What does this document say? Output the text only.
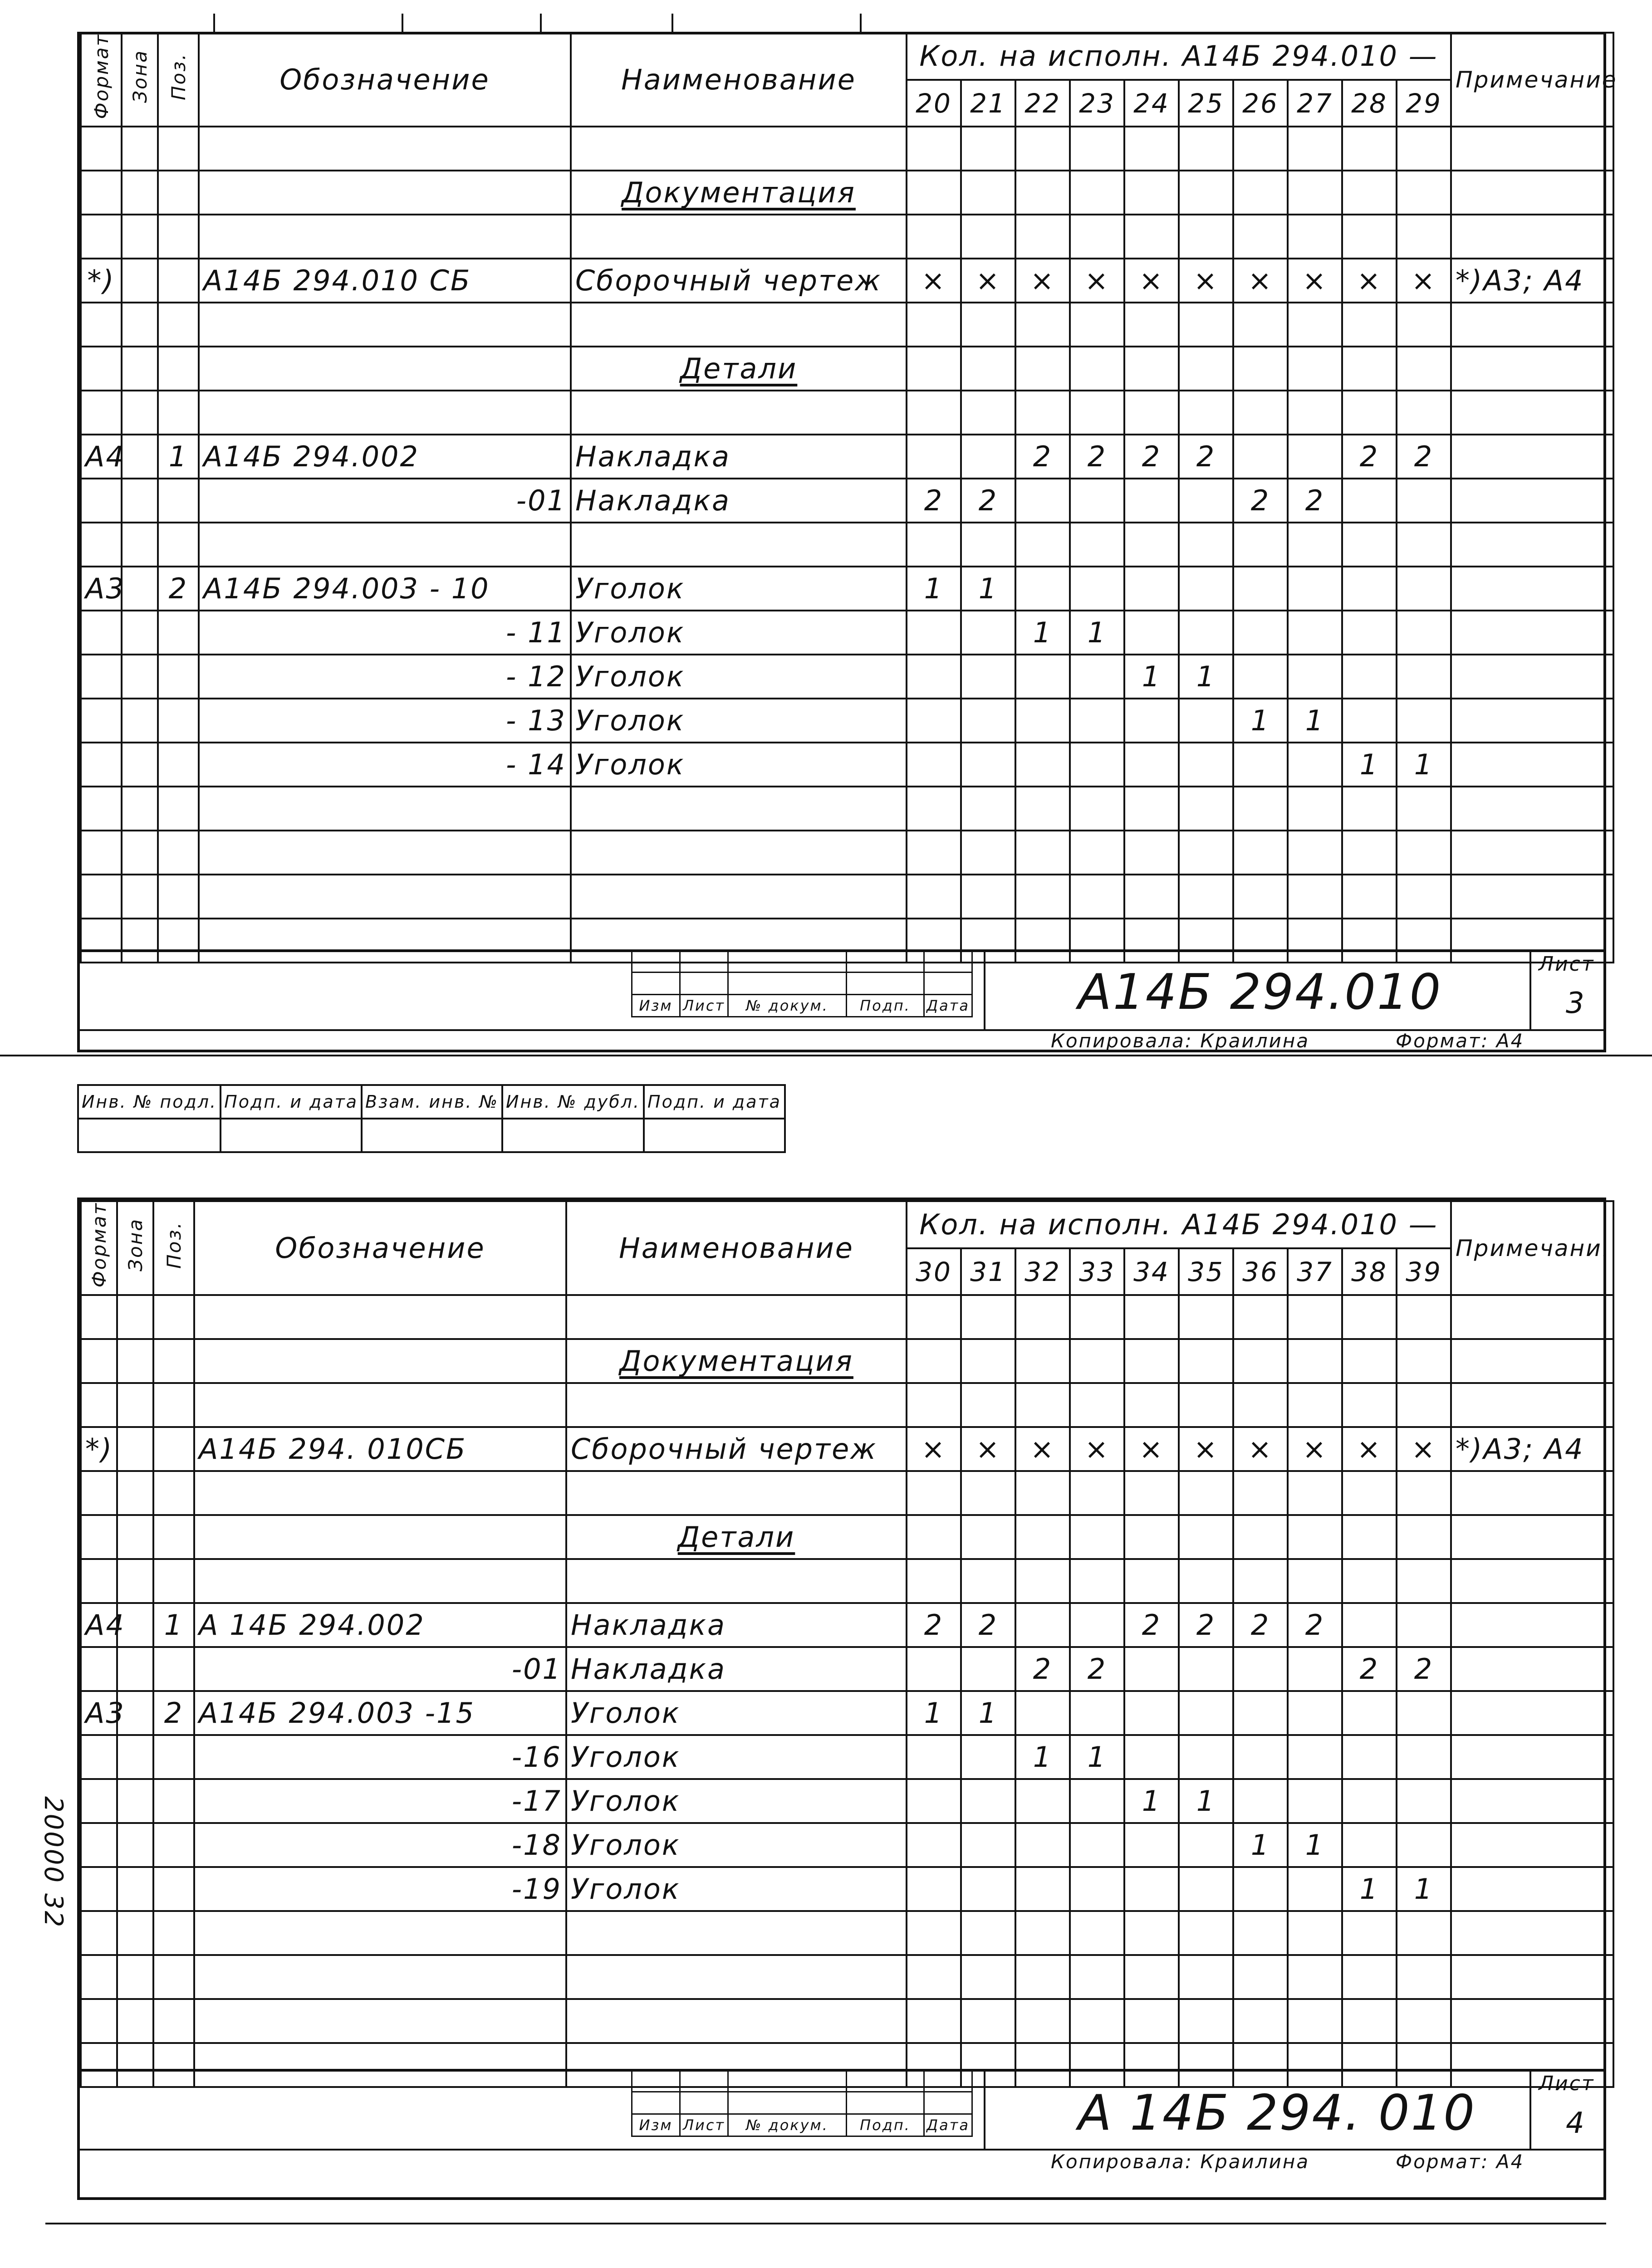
Формат	Зона	Поз.	Обозначение	Наименование	Кол. на исполн. А14Б 294.010 —										Примечание
					20	21	22	23	24	25	26	27	28	29	

				Документация											

*)			А14Б 294.010 СБ	Сборочный чертеж	×	×	×	×	×	×	×	×	×	×	*)А3; А4

				Детали											

А4		1	А14Б 294.002	Накладка			2	2	2	2			2	2	
			-01	Накладка	2	2					2	2			

А3		2	А14Б 294.003 - 10	Уголок	1	1									
			- 11	Уголок			1	1							
			- 12	Уголок					1	1					
			- 13	Уголок							1	1			
			- 14	Уголок									1	1	

Изм	Лист	№ докум.	Подп.	Дата А14Б 294.010	Лист
3
Копировала: Краилина	Формат: А4
Инв. № подл.	Подп. и дата	Взам. инв. №	Инв. № дубл.	Подп. и дата

Формат	Зона	Поз.	Обозначение	Наименование	Кол. на исполн. А14Б 294.010 —										Примечани.
					30	31	32	33	34	35	36	37	38	39	

				Документация											

*)			А14Б 294. 010СБ	Сборочный чертеж	×	×	×	×	×	×	×	×	×	×	*)А3; А4

				Детали											

А4		1	А 14Б 294.002	Накладка	2	2			2	2	2	2			
			-01	Накладка			2	2					2	2	
А3		2	А14Б 294.003 -15	Уголок	1	1									
			-16	Уголок			1	1							
			-17	Уголок					1	1					
			-18	Уголок							1	1			
			-19	Уголок									1	1	

Изм	Лист	№ докум.	Подп.	Дата А 14Б 294. 010
Лист
4
Копировала: Краилина	Формат: А4
20000 32
